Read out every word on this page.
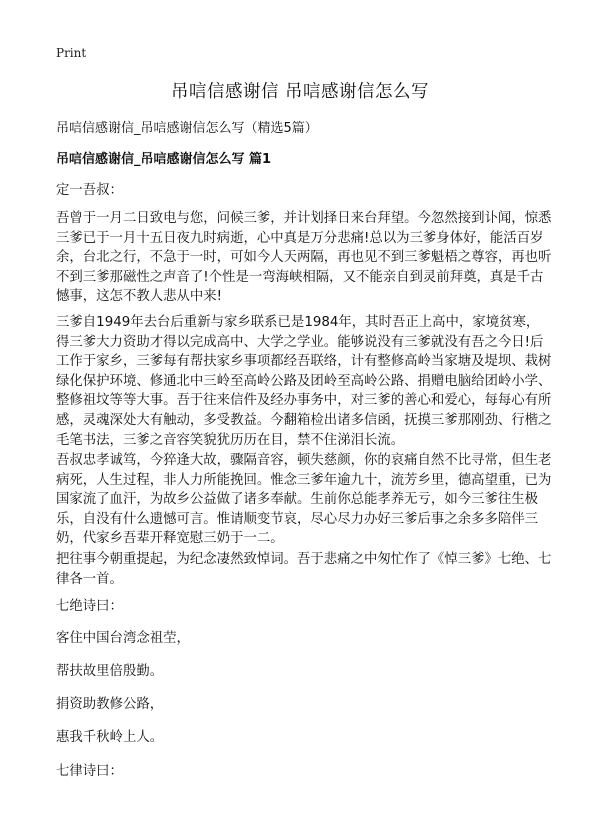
Print
吊唁信感谢信 吊唁感谢信怎么写
吊唁信感谢信_吊唁感谢信怎么写（精选5篇）
吊唁信感谢信_吊唁感谢信怎么写 篇1

定一吾叔：

吾曾于一月二日致电与您，问候三爹，并计划择日来台拜望。今忽然接到讣闻，惊悉三爹已于一月十五日夜九时病逝，心中真是万分悲痛!总以为三爹身体好，能活百岁余，台北之行，不急于一时，可如今人天两隔，再也见不到三爹魁梧之尊容，再也听不到三爹那磁性之声音了!个性是一弯海峡相隔，又不能亲自到灵前拜奠，真是千古憾事，这怎不教人悲从中来!

三爹自1949年去台后重新与家乡联系已是1984年，其时吾正上高中，家境贫寒，得三爹大力资助才得以完成高中、大学之学业。能够说没有三爹就没有吾之今日!后工作于家乡，三爹每有帮扶家乡事项都经吾联络，计有整修高岭当家塘及堤坝、栽树绿化保护环境、修通北中三岭至高岭公路及团岭至高岭公路、捐赠电脑给团岭小学、整修祖坟等等大事。吾于往来信件及经办事务中，对三爹的善心和爱心，每每心有所感，灵魂深处大有触动，多受教益。今翻箱检出诸多信函，抚摸三爹那刚劲、行楷之毛笔书法，三爹之音容笑貌犹历历在目，禁不住涕泪长流。

吾叔忠孝诚笃，今猝逢大故，骤隔音容，顿失慈颜，你的哀痛自然不比寻常，但生老病死，人生过程，非人力所能挽回。惟念三爹年逾九十，流芳乡里，德高望重，已为国家流了血汗，为故乡公益做了诸多奉献。生前你总能孝养无亏，如今三爹往生极乐，自没有什么遗憾可言。惟请顺变节哀，尽心尽力办好三爹后事之余多多陪伴三奶，代家乡吾辈开释宽慰三奶于一二。

把往事今朝重提起，为纪念凄然致悼词。吾于悲痛之中匆忙作了《悼三爹》七绝、七律各一首。

七绝诗曰：

客住中国台湾念祖茔，

帮扶故里倍殷勤。

捐资助教修公路，

惠我千秋岭上人。

七律诗曰：
